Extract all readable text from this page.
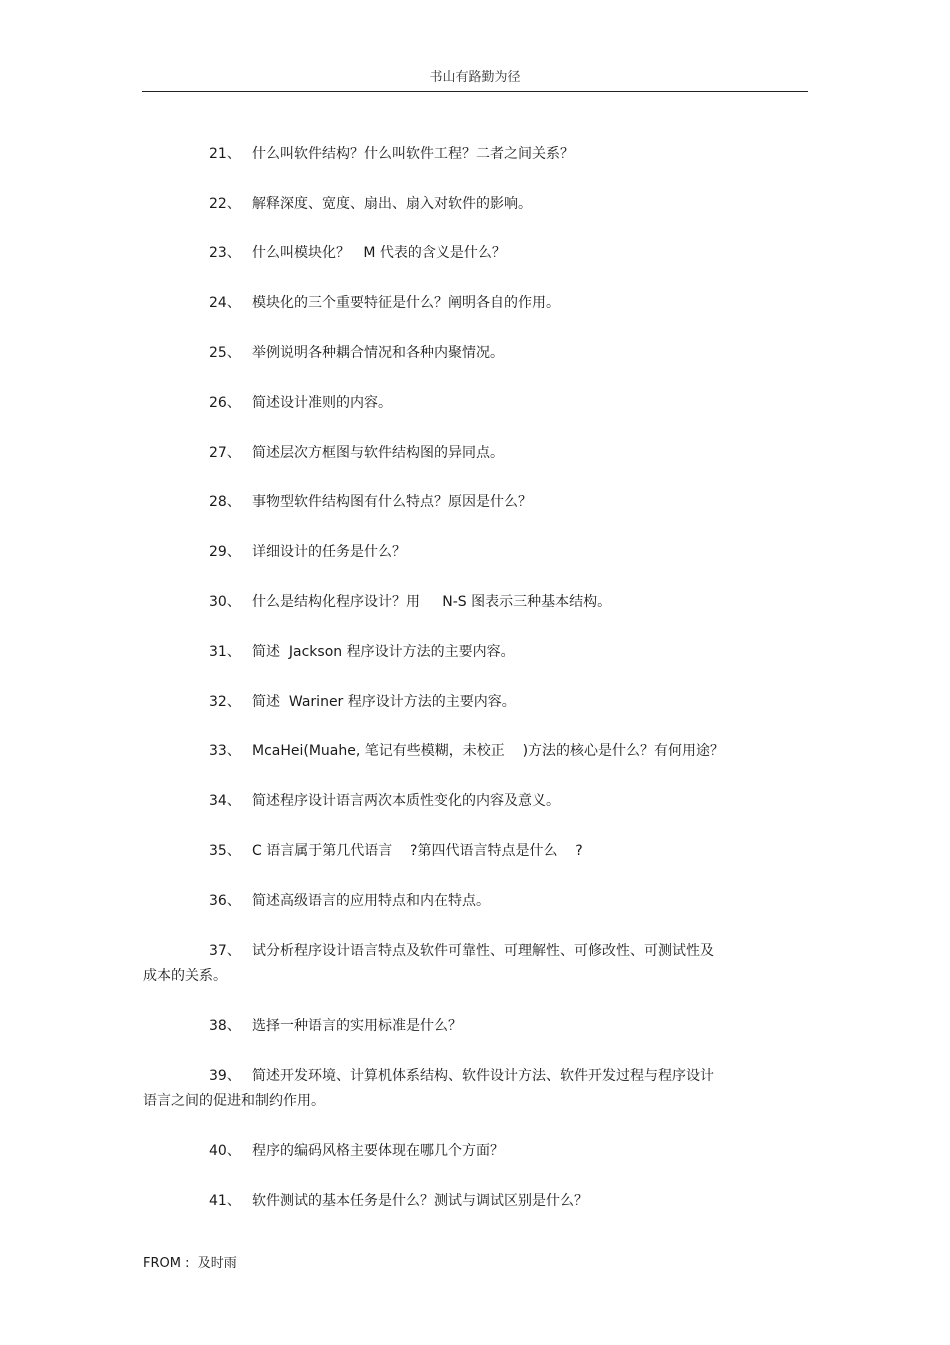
书山有路勤为径
21、 什么叫软件结构？什么叫软件工程？二者之间关系？
22、 解释深度、宽度、扇出、扇入对软件的影响。
23、 什么叫模块化？   M 代表的含义是什么？
24、 模块化的三个重要特征是什么？阐明各自的作用。
25、 举例说明各种耦合情况和各种内聚情况。
26、 简述设计准则的内容。
27、 简述层次方框图与软件结构图的异同点。
28、 事物型软件结构图有什么特点？原因是什么？
29、 详细设计的任务是什么？
30、 什么是结构化程序设计？用     N-S 图表示三种基本结构。
31、 简述  Jackson 程序设计方法的主要内容。
32、 简述  Wariner 程序设计方法的主要内容。
33、 McaHei(Muahe, 笔记有些模糊，未校正    )方法的核心是什么？有何用途？
34、 简述程序设计语言两次本质性变化的内容及意义。
35、 C 语言属于第几代语言    ?第四代语言特点是什么    ?
36、 简述高级语言的应用特点和内在特点。
37、 试分析程序设计语言特点及软件可靠性、可理解性、可修改性、可测试性及
成本的关系。
38、 选择一种语言的实用标准是什么？
39、 简述开发环境、计算机体系结构、软件设计方法、软件开发过程与程序设计
语言之间的促进和制约作用。
40、 程序的编码风格主要体现在哪几个方面？
41、 软件测试的基本任务是什么？测试与调试区别是什么？
FROM :  及时雨
